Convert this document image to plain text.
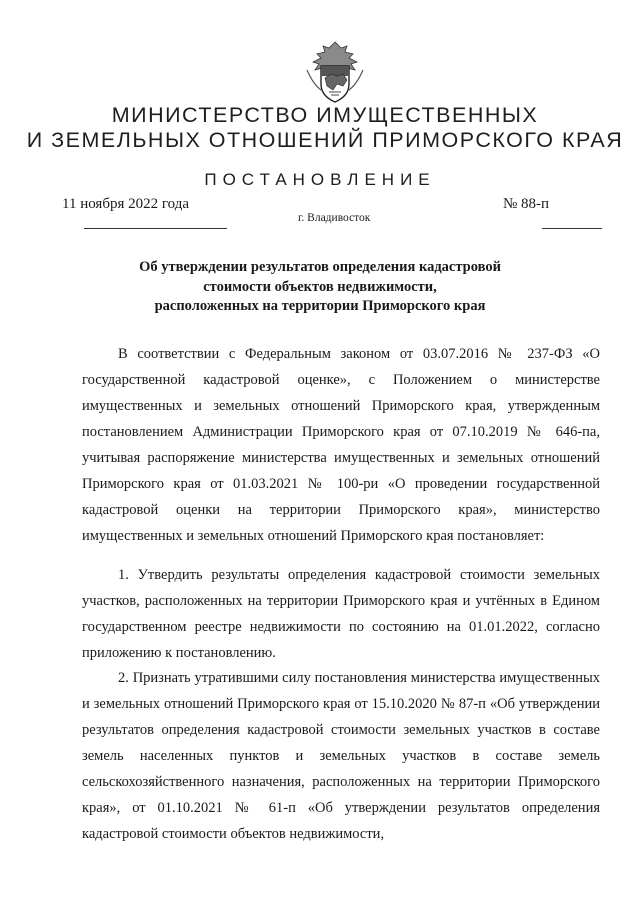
МИНИСТЕРСТВО ИМУЩЕСТВЕННЫХ
И ЗЕМЕЛЬНЫХ ОТНОШЕНИЙ ПРИМОРСКОГО КРАЯ
ПОСТАНОВЛЕНИЕ
11 ноября 2022 года	№ 88-п
г. Владивосток
Об утверждении результатов определения кадастровой
стоимости объектов недвижимости,
расположенных на территории Приморского края

В соответствии с Федеральным законом от 03.07.2016 № 237-ФЗ «О государственной кадастровой оценке», с Положением о министерстве имущественных и земельных отношений Приморского края, утвержденным постановлением Администрации Приморского края от 07.10.2019 № 646-па, учитывая распоряжение министерства имущественных и земельных отношений Приморского края от 01.03.2021 № 100-ри «О проведении государственной кадастровой оценки на территории Приморского края», министерство имущественных и земельных отношений Приморского края постановляет:

1. Утвердить результаты определения кадастровой стоимости земельных участков, расположенных на территории Приморского края и учтённых в Едином государственном реестре недвижимости по состоянию на 01.01.2022, согласно приложению к постановлению.

2. Признать утратившими силу постановления министерства имущественных и земельных отношений Приморского края от 15.10.2020 № 87-п «Об утверждении результатов определения кадастровой стоимости земельных участков в составе земель населенных пунктов и земельных участков в составе земель сельскохозяйственного назначения, расположенных на территории Приморского края», от 01.10.2021 № 61-п «Об утверждении результатов определения кадастровой стоимости объектов недвижимости,
